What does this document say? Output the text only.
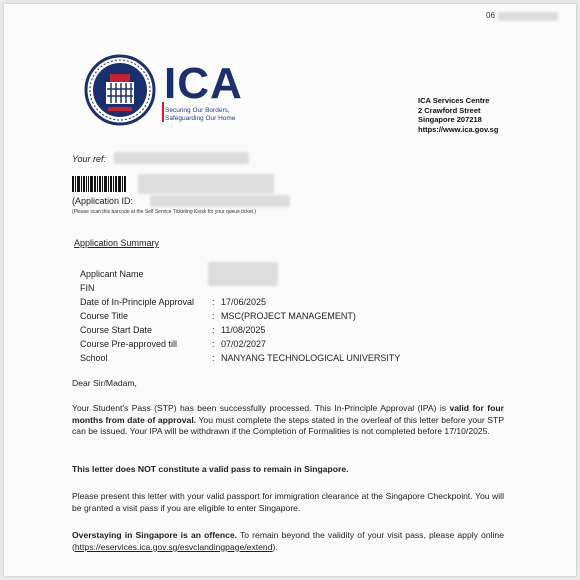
06
ICA
Securing Our Borders,
Safeguarding Our Home
ICA Services Centre
2 Crawford Street
Singapore 207218
https://www.ica.gov.sg
Your ref:
(Application ID:
(Please scan this barcode at the Self Service Ticketing Kiosk for your queue ticket.)
Application Summary
Applicant Name
FIN
Date of In-Principle Approval	: 17/06/2025
Course Title	: MSC(PROJECT MANAGEMENT)
Course Start Date	: 11/08/2025
Course Pre-approved till	: 07/02/2027
School	: NANYANG TECHNOLOGICAL UNIVERSITY
Dear Sir/Madam,
Your Student's Pass (STP) has been successfully processed. This In-Principle Approval (IPA) is valid for four months from date of approval. You must complete the steps stated in the overleaf of this letter before your STP can be issued. Your IPA will be withdrawn if the Completion of Formalities is not completed before 17/10/2025.
This letter does NOT constitute a valid pass to remain in Singapore.
Please present this letter with your valid passport for immigration clearance at the Singapore Checkpoint. You will be granted a visit pass if you are eligible to enter Singapore.
Overstaying in Singapore is an offence. To remain beyond the validity of your visit pass, please apply online (https://eservices.ica.gov.sg/esvclandingpage/extend).
